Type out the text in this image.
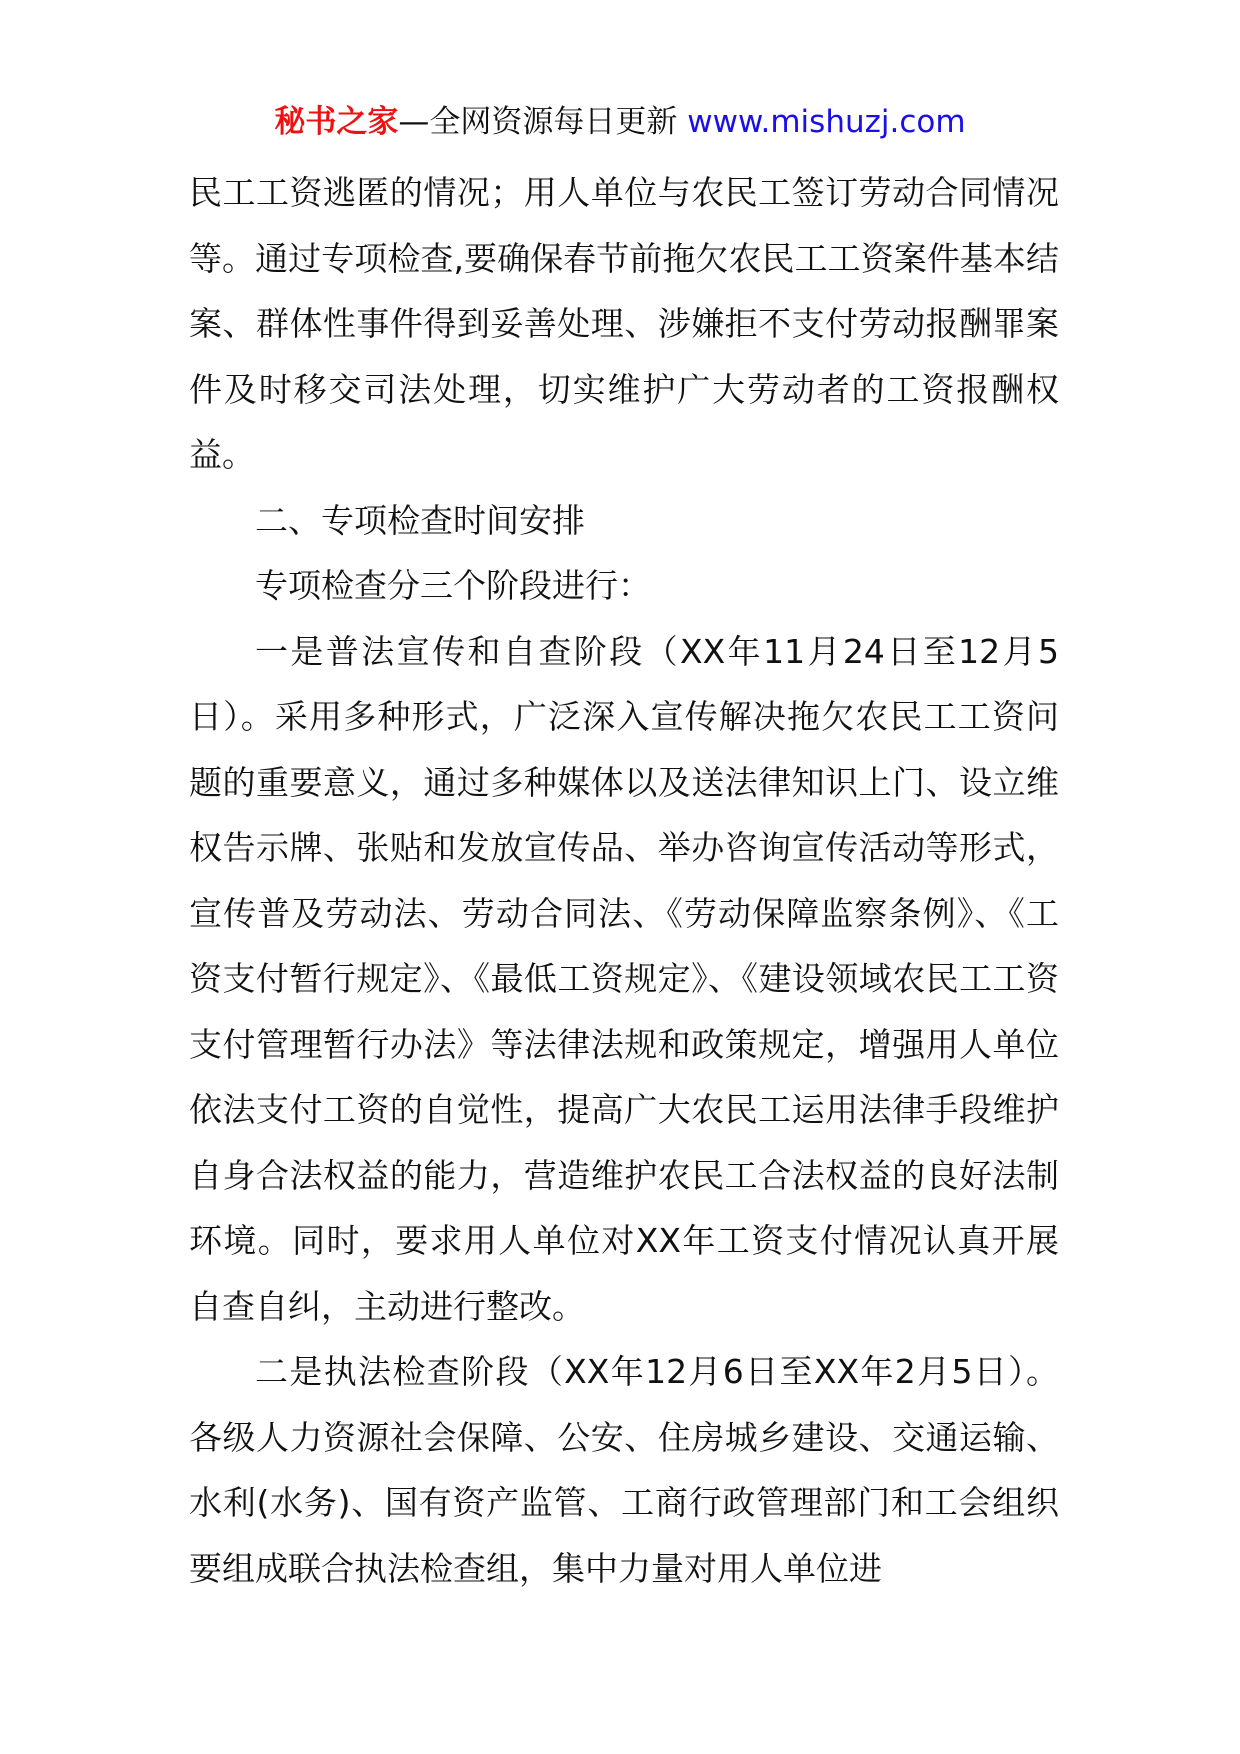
秘书之家—全网资源每日更新 www.mishuzj.com

民工工资逃匿的情况；用人单位与农民工签订劳动合同情况等。通过专项检查,要确保春节前拖欠农民工工资案件基本结案、群体性事件得到妥善处理、涉嫌拒不支付劳动报酬罪案件及时移交司法处理，切实维护广大劳动者的工资报酬权益。

二、专项检查时间安排

专项检查分三个阶段进行：

一是普法宣传和自查阶段（XX年11月24日至12月5日）。采用多种形式，广泛深入宣传解决拖欠农民工工资问题的重要意义，通过多种媒体以及送法律知识上门、设立维权告示牌、张贴和发放宣传品、举办咨询宣传活动等形式，宣传普及劳动法、劳动合同法、《劳动保障监察条例》、《工资支付暂行规定》、《最低工资规定》、《建设领域农民工工资支付管理暂行办法》等法律法规和政策规定，增强用人单位依法支付工资的自觉性，提高广大农民工运用法律手段维护自身合法权益的能力，营造维护农民工合法权益的良好法制环境。同时，要求用人单位对XX年工资支付情况认真开展自查自纠，主动进行整改。

二是执法检查阶段（XX年12月6日至XX年2月5日）。各级人力资源社会保障、公安、住房城乡建设、交通运输、水利(水务)、国有资产监管、工商行政管理部门和工会组织要组成联合执法检查组，集中力量对用人单位进
